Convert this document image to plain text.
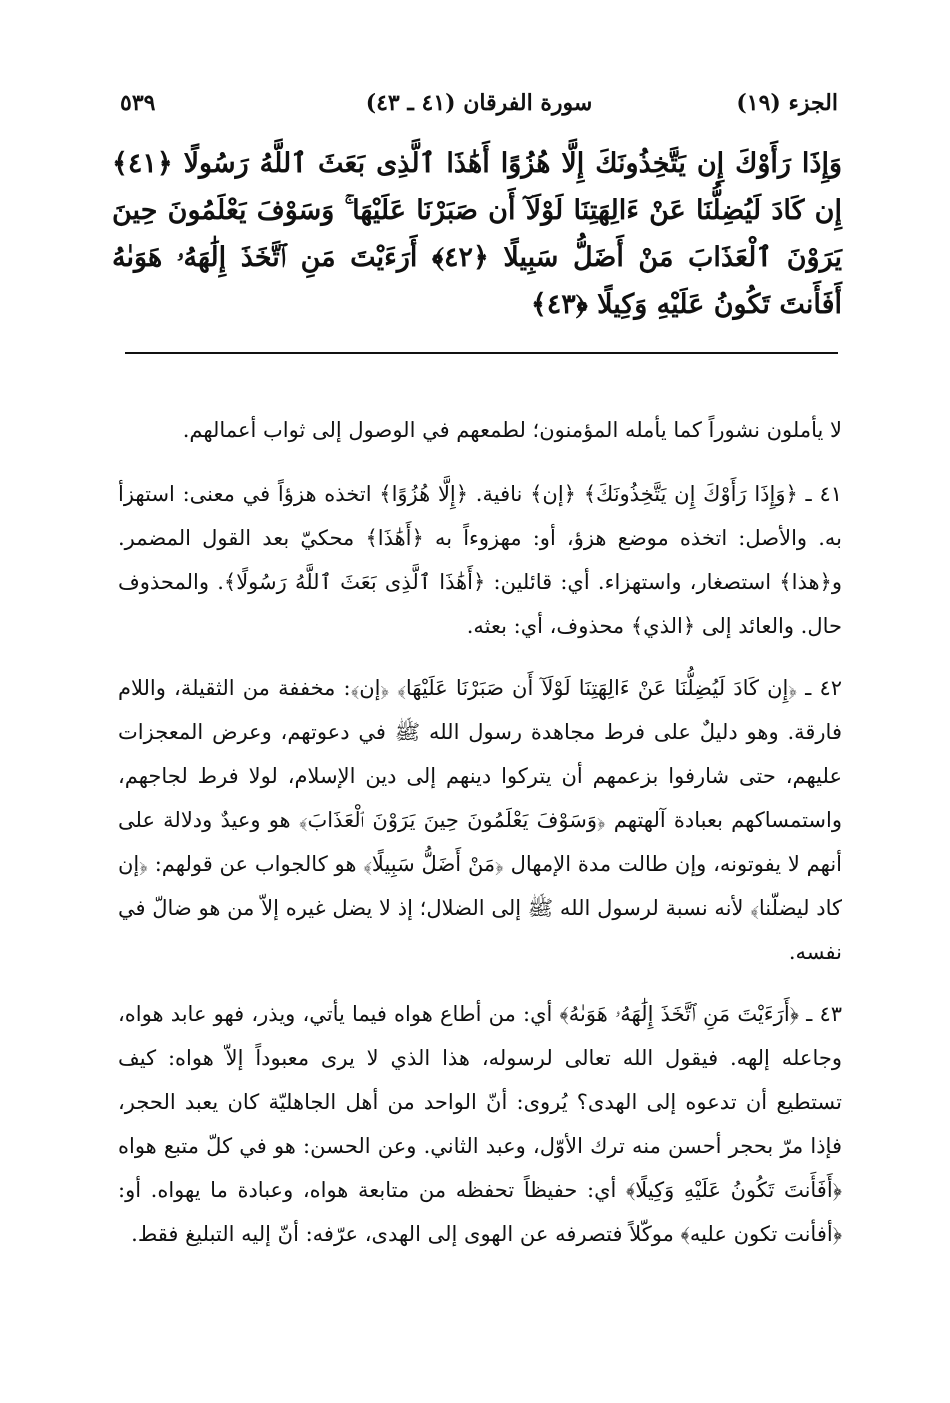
الجزء (١٩)
سورة الفرقان (٤١ ـ ٤٣)
٥٣٩
وَإِذَا رَأَوْكَ إِن يَتَّخِذُونَكَ إِلَّا هُزُوًا أَهَٰذَا ٱلَّذِى بَعَثَ ٱللَّهُ رَسُولًا ﴿٤١﴾ إِن كَادَ لَيُضِلُّنَا عَنْ ءَالِهَتِنَا لَوْلَآ أَن صَبَرْنَا عَلَيْهَا ۚ وَسَوْفَ يَعْلَمُونَ حِينَ يَرَوْنَ ٱلْعَذَابَ مَنْ أَضَلُّ سَبِيلًا ﴿٤٢﴾ أَرَءَيْتَ مَنِ ٱتَّخَذَ إِلَٰهَهُۥ هَوَىٰهُ أَفَأَنتَ تَكُونُ عَلَيْهِ وَكِيلًا ﴿٤٣﴾

لا يأملون نشوراً كما يأمله المؤمنون؛ لطمعهم في الوصول إلى ثواب أعمالهم.

٤١ ـ ﴿وَإِذَا رَأَوْكَ إِن يَتَّخِذُونَكَ﴾ ﴿إن﴾ نافية. ﴿إِلَّا هُزُوًا﴾ اتخذه هزؤاً في معنى: استهزأ به. والأصل: اتخذه موضع هزؤ، أو: مهزوءاً به ﴿أَهَٰذَا﴾ محكيّ بعد القول المضمر. و﴿هذا﴾ استصغار، واستهزاء. أي: قائلين: ﴿أَهَٰذَا ٱلَّذِى بَعَثَ ٱللَّهُ رَسُولًا﴾. والمحذوف حال. والعائد إلى ﴿الذي﴾ محذوف، أي: بعثه.

٤٢ ـ ﴿إِن كَادَ لَيُضِلُّنَا عَنْ ءَالِهَتِنَا لَوْلَآ أَن صَبَرْنَا عَلَيْهَا﴾ ﴿إن﴾: مخففة من الثقيلة، واللام فارقة. وهو دليلٌ على فرط مجاهدة رسول الله ﷺ في دعوتهم، وعرض المعجزات عليهم، حتى شارفوا بزعمهم أن يتركوا دينهم إلى دين الإسلام، لولا فرط لجاجهم، واستمساكهم بعبادة آلهتهم ﴿وَسَوْفَ يَعْلَمُونَ حِينَ يَرَوْنَ ٱلْعَذَابَ﴾ هو وعيدٌ ودلالة على أنهم لا يفوتونه، وإن طالت مدة الإمهال ﴿مَنْ أَضَلُّ سَبِيلًا﴾ هو كالجواب عن قولهم: ﴿إن كاد ليضلّنا﴾ لأنه نسبة لرسول الله ﷺ إلى الضلال؛ إذ لا يضل غيره إلاّ من هو ضالّ في نفسه.

٤٣ ـ ﴿أَرَءَيْتَ مَنِ ٱتَّخَذَ إِلَٰهَهُۥ هَوَىٰهُ﴾ أي: من أطاع هواه فيما يأتي، ويذر، فهو عابد هواه، وجاعله إلهه. فيقول الله تعالى لرسوله، هذا الذي لا يرى معبوداً إلاّ هواه: كيف تستطيع أن تدعوه إلى الهدى؟ يُروى: أنّ الواحد من أهل الجاهليّة كان يعبد الحجر، فإذا مرّ بحجر أحسن منه ترك الأوّل، وعبد الثاني. وعن الحسن: هو في كلّ متبع هواه ﴿أَفَأَنتَ تَكُونُ عَلَيْهِ وَكِيلًا﴾ أي: حفيظاً تحفظه من متابعة هواه، وعبادة ما يهواه. أو: ﴿أفأنت تكون عليه﴾ موكّلاً فتصرفه عن الهوى إلى الهدى، عرّفه: أنّ إليه التبليغ فقط.
